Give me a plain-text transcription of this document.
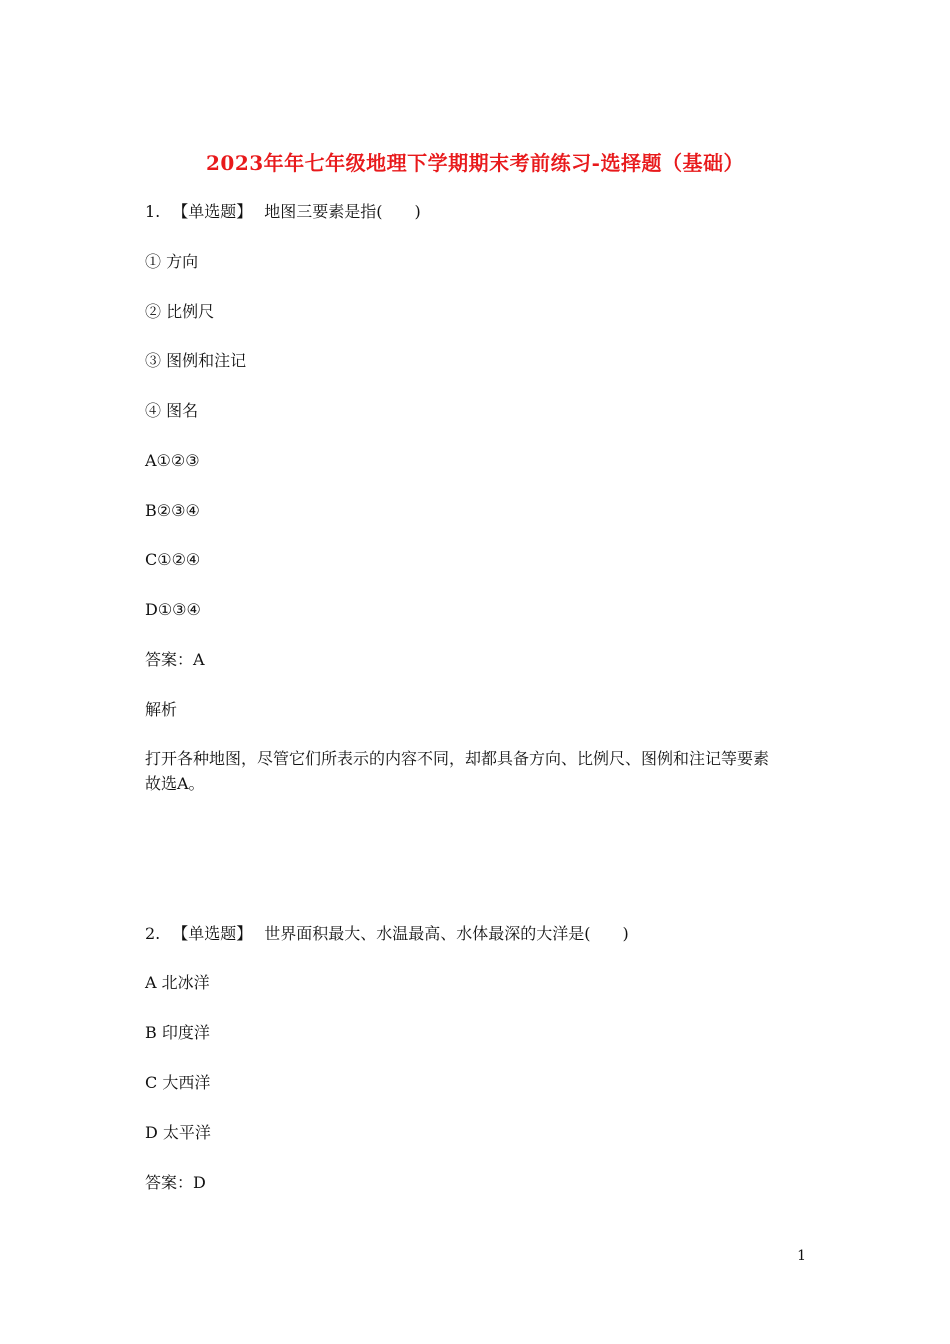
2023年年七年级地理下学期期末考前练习-选择题（基础）
1. 【单选题】 地图三要素是指(　　)
① 方向
② 比例尺
③ 图例和注记
④ 图名
A①②③
B②③④
C①②④
D①③④
答案：A
解析
打开各种地图，尽管它们所表示的内容不同，却都具备方向、比例尺、图例和注记等要素
故选A。
2. 【单选题】 世界面积最大、水温最高、水体最深的大洋是(　　)
A 北冰洋
B 印度洋
C 大西洋
D 太平洋
答案：D
1
